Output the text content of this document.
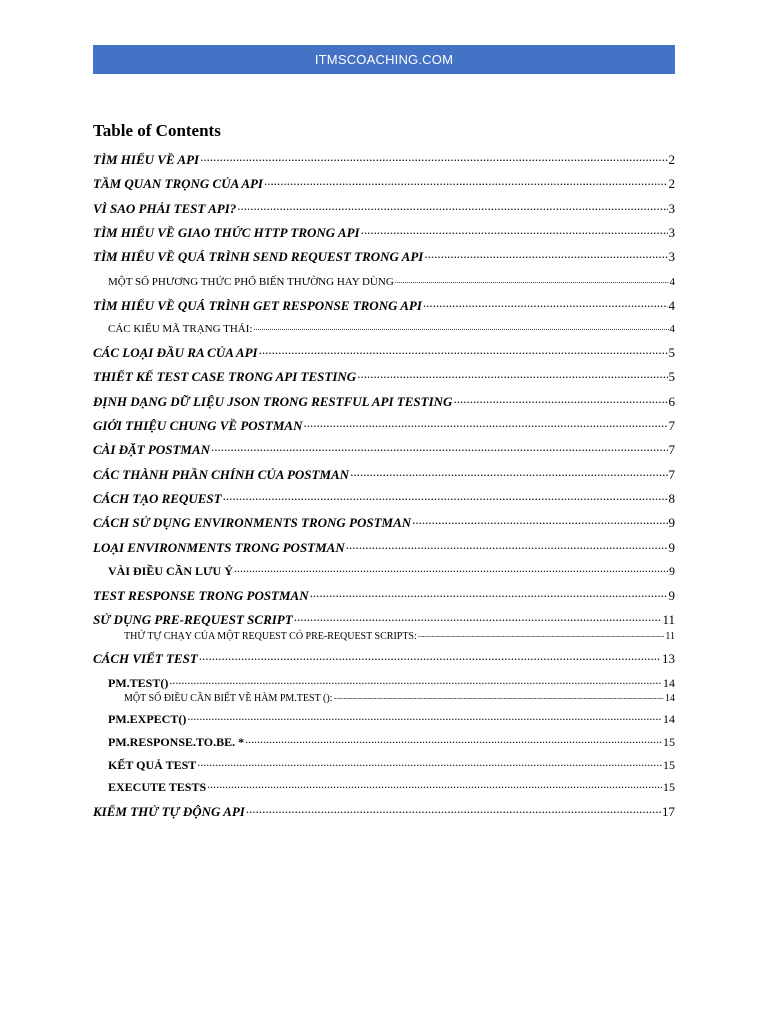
ITMSCOACHING.COM
Table of Contents
TÌM HIỂU VỀ API .....	2
TẦM QUAN TRỌNG CỦA API .....	2
VÌ SAO PHẢI TEST API? .....	3
TÌM HIỂU VỀ GIAO THỨC HTTP TRONG API .....	3
TÌM HIỂU VỀ QUÁ TRÌNH SEND REQUEST TRONG API .....	3
MỘT SỐ PHƯƠNG THỨC PHỔ BIẾN THƯỜNG HAY DÙNG .....	4
TÌM HIỂU VỀ QUÁ TRÌNH GET RESPONSE TRONG API .....	4
CÁC KIỂU MÃ TRẠNG THÁI: .....	4
CÁC LOẠI ĐẦU RA CỦA API .....	5
THIẾT KẾ TEST CASE TRONG API TESTING .....	5
ĐỊNH DẠNG DỮ LIỆU JSON TRONG RESTFUL API TESTING .....	6
GIỚI THIỆU CHUNG VỀ POSTMAN .....	7
CÀI ĐẶT POSTMAN .....	7
CÁC THÀNH PHẦN CHÍNH CỦA POSTMAN .....	7
CÁCH TẠO REQUEST .....	8
CÁCH SỬ DỤNG ENVIRONMENTS TRONG POSTMAN .....	9
LOẠI ENVIRONMENTS TRONG POSTMAN .....	9
VÀI ĐIỀU CẦN LƯU Ý .....	9
TEST RESPONSE TRONG POSTMAN .....	9
SỬ DỤNG PRE-REQUEST SCRIPT .....	11
THỨ TỰ CHẠY CỦA MỘT REQUEST CÓ PRE-REQUEST SCRIPTS: .....	11
CÁCH VIẾT TEST .....	13
PM.TEST() .....	14
MỘT SỐ ĐIỀU CẦN BIẾT VỀ HÀM PM.TEST (): .....	14
PM.EXPECT() .....	14
PM.RESPONSE.TO.BE. * .....	15
KẾT QUẢ TEST .....	15
EXECUTE TESTS .....	15
KIỂM THỬ TỰ ĐỘNG API .....	17
